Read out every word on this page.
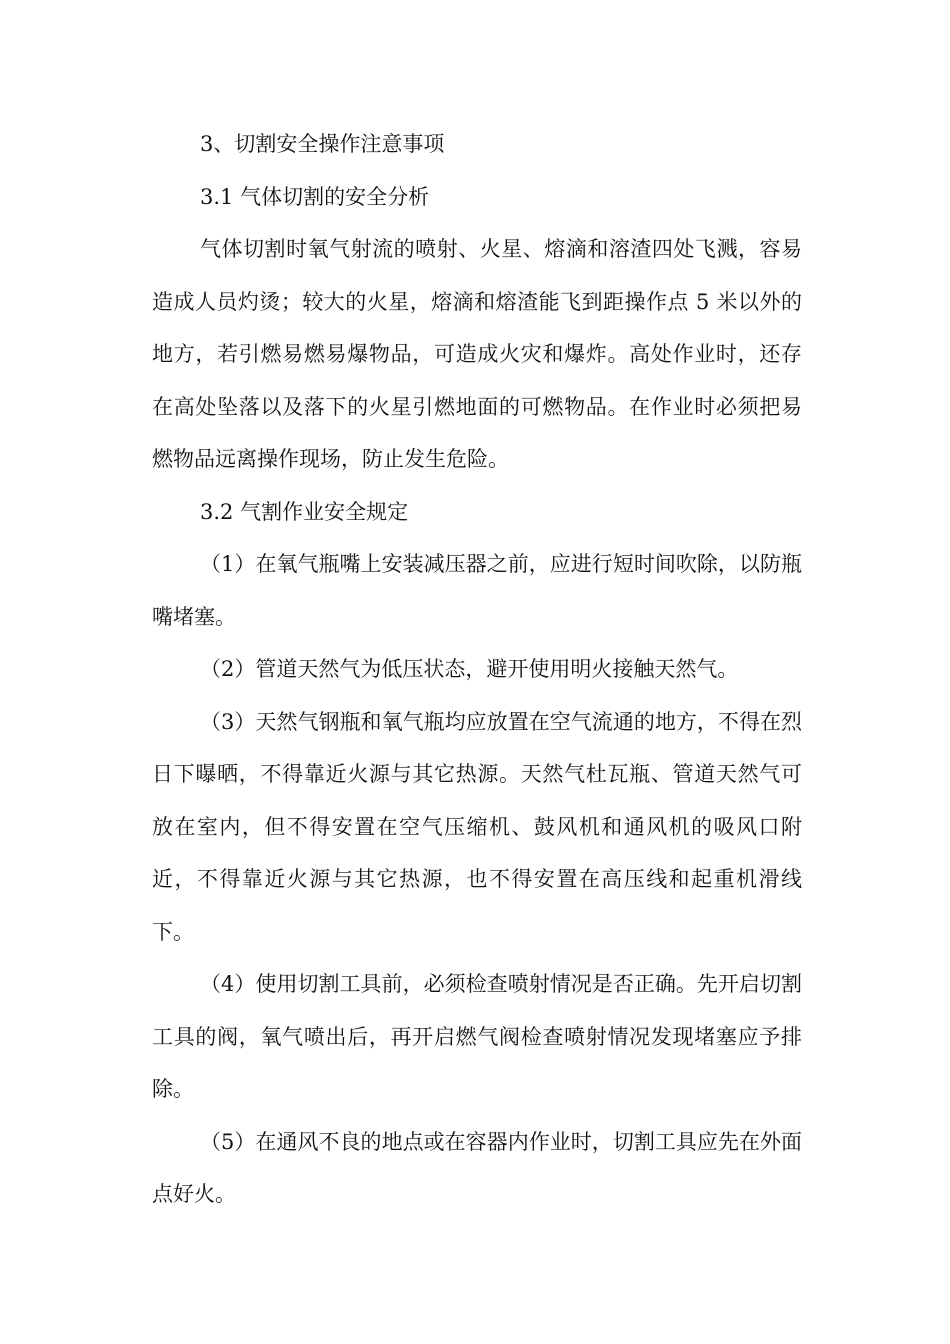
3、切割安全操作注意事项

3.1 气体切割的安全分析

气体切割时氧气射流的喷射、火星、熔滴和溶渣四处飞溅，容易造成人员灼烫；较大的火星，熔滴和熔渣能飞到距操作点 5 米以外的地方，若引燃易燃易爆物品，可造成火灾和爆炸。高处作业时，还存在高处坠落以及落下的火星引燃地面的可燃物品。在作业时必须把易燃物品远离操作现场，防止发生危险。

3.2 气割作业安全规定

（1）在氧气瓶嘴上安装减压器之前，应进行短时间吹除，以防瓶嘴堵塞。

（2）管道天然气为低压状态，避开使用明火接触天然气。

（3）天然气钢瓶和氧气瓶均应放置在空气流通的地方，不得在烈日下曝晒，不得靠近火源与其它热源。天然气杜瓦瓶、管道天然气可放在室内，但不得安置在空气压缩机、鼓风机和通风机的吸风口附近，不得靠近火源与其它热源，也不得安置在高压线和起重机滑线下。

（4）使用切割工具前，必须检查喷射情况是否正确。先开启切割工具的阀，氧气喷出后，再开启燃气阀检查喷射情况发现堵塞应予排除。

（5）在通风不良的地点或在容器内作业时，切割工具应先在外面点好火。
